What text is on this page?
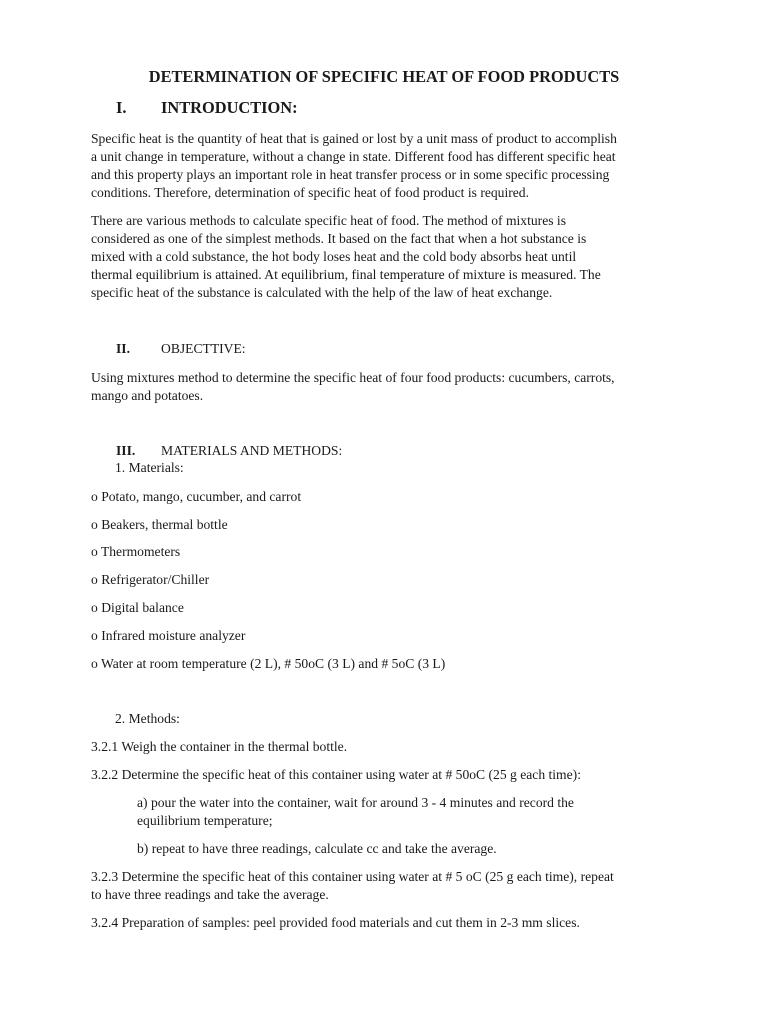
DETERMINATION OF SPECIFIC HEAT OF FOOD PRODUCTS
I. INTRODUCTION:
Specific heat is the quantity of heat that is gained or lost by a unit mass of product to accomplish
a unit change in temperature, without a change in state. Different food has different specific heat
and this property plays an important role in heat transfer process or in some specific processing
conditions. Therefore, determination of specific heat of food product is required.
There are various methods to calculate specific heat of food. The method of mixtures is
considered as one of the simplest methods. It based on the fact that when a hot substance is
mixed with a cold substance, the hot body loses heat and the cold body absorbs heat until
thermal equilibrium is attained. At equilibrium, final temperature of mixture is measured. The
specific heat of the substance is calculated with the help of the law of heat exchange.
II. OBJECTTIVE:
Using mixtures method to determine the specific heat of four food products: cucumbers, carrots,
mango and potatoes.
III. MATERIALS AND METHODS:
1. Materials:
o Potato, mango, cucumber, and carrot
o Beakers, thermal bottle
o Thermometers
o Refrigerator/Chiller
o Digital balance
o Infrared moisture analyzer
o Water at room temperature (2 L), # 50oC (3 L) and # 5oC (3 L)
2. Methods:
3.2.1 Weigh the container in the thermal bottle.
3.2.2 Determine the specific heat of this container using water at # 50oC (25 g each time):
a) pour the water into the container, wait for around 3 - 4 minutes and record the
equilibrium temperature;
b) repeat to have three readings, calculate cc and take the average.
3.2.3 Determine the specific heat of this container using water at # 5 oC (25 g each time), repeat
to have three readings and take the average.
3.2.4 Preparation of samples: peel provided food materials and cut them in 2-3 mm slices.
